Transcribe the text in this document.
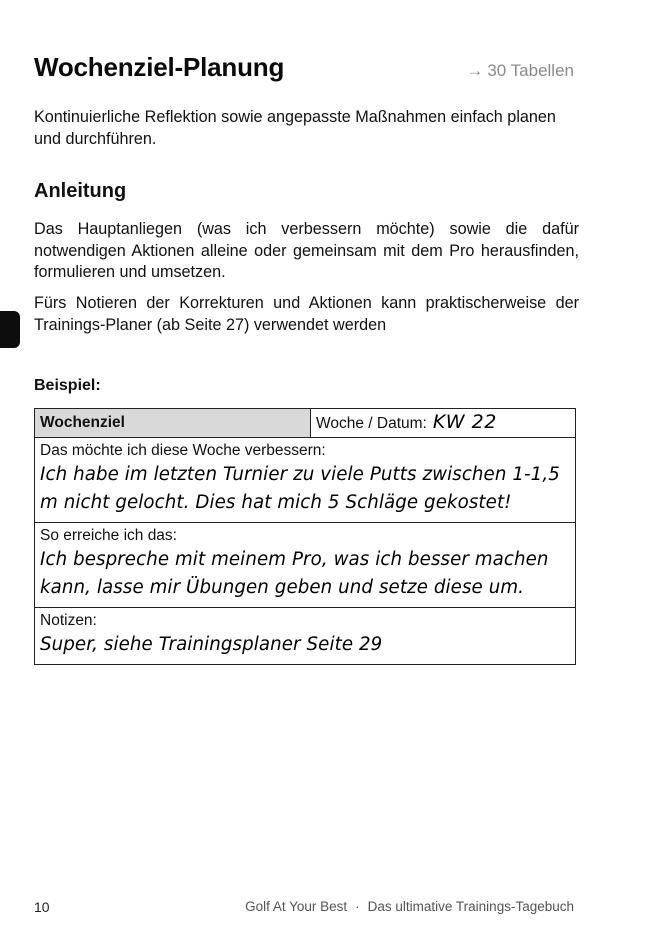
Wochenziel-Planung	→ 30 Tabellen

Kontinuierliche Reflektion sowie angepasste Maßnahmen einfach planen und durchführen.

Anleitung

Das Hauptanliegen (was ich verbessern möchte) sowie die dafür notwendigen Aktionen alleine oder gemeinsam mit dem Pro herausfinden, formulieren und umsetzen.

Fürs Notieren der Korrekturen und Aktionen kann praktischerweise der Trainings-Planer (ab Seite 27) verwendet werden

Beispiel:
Wochenziel	Woche / Datum: KW 22
Das möchte ich diese Woche verbessern:
Ich habe im letzten Turnier zu viele Putts zwischen 1-1,5 m nicht gelocht. Dies hat mich 5 Schläge gekostet!
So erreiche ich das:
Ich bespreche mit meinem Pro, was ich besser machen kann, lasse mir Übungen geben und setze diese um.
Notizen:
Super, siehe Trainingsplaner Seite 29
10	Golf At Your Best · Das ultimative Trainings-Tagebuch
